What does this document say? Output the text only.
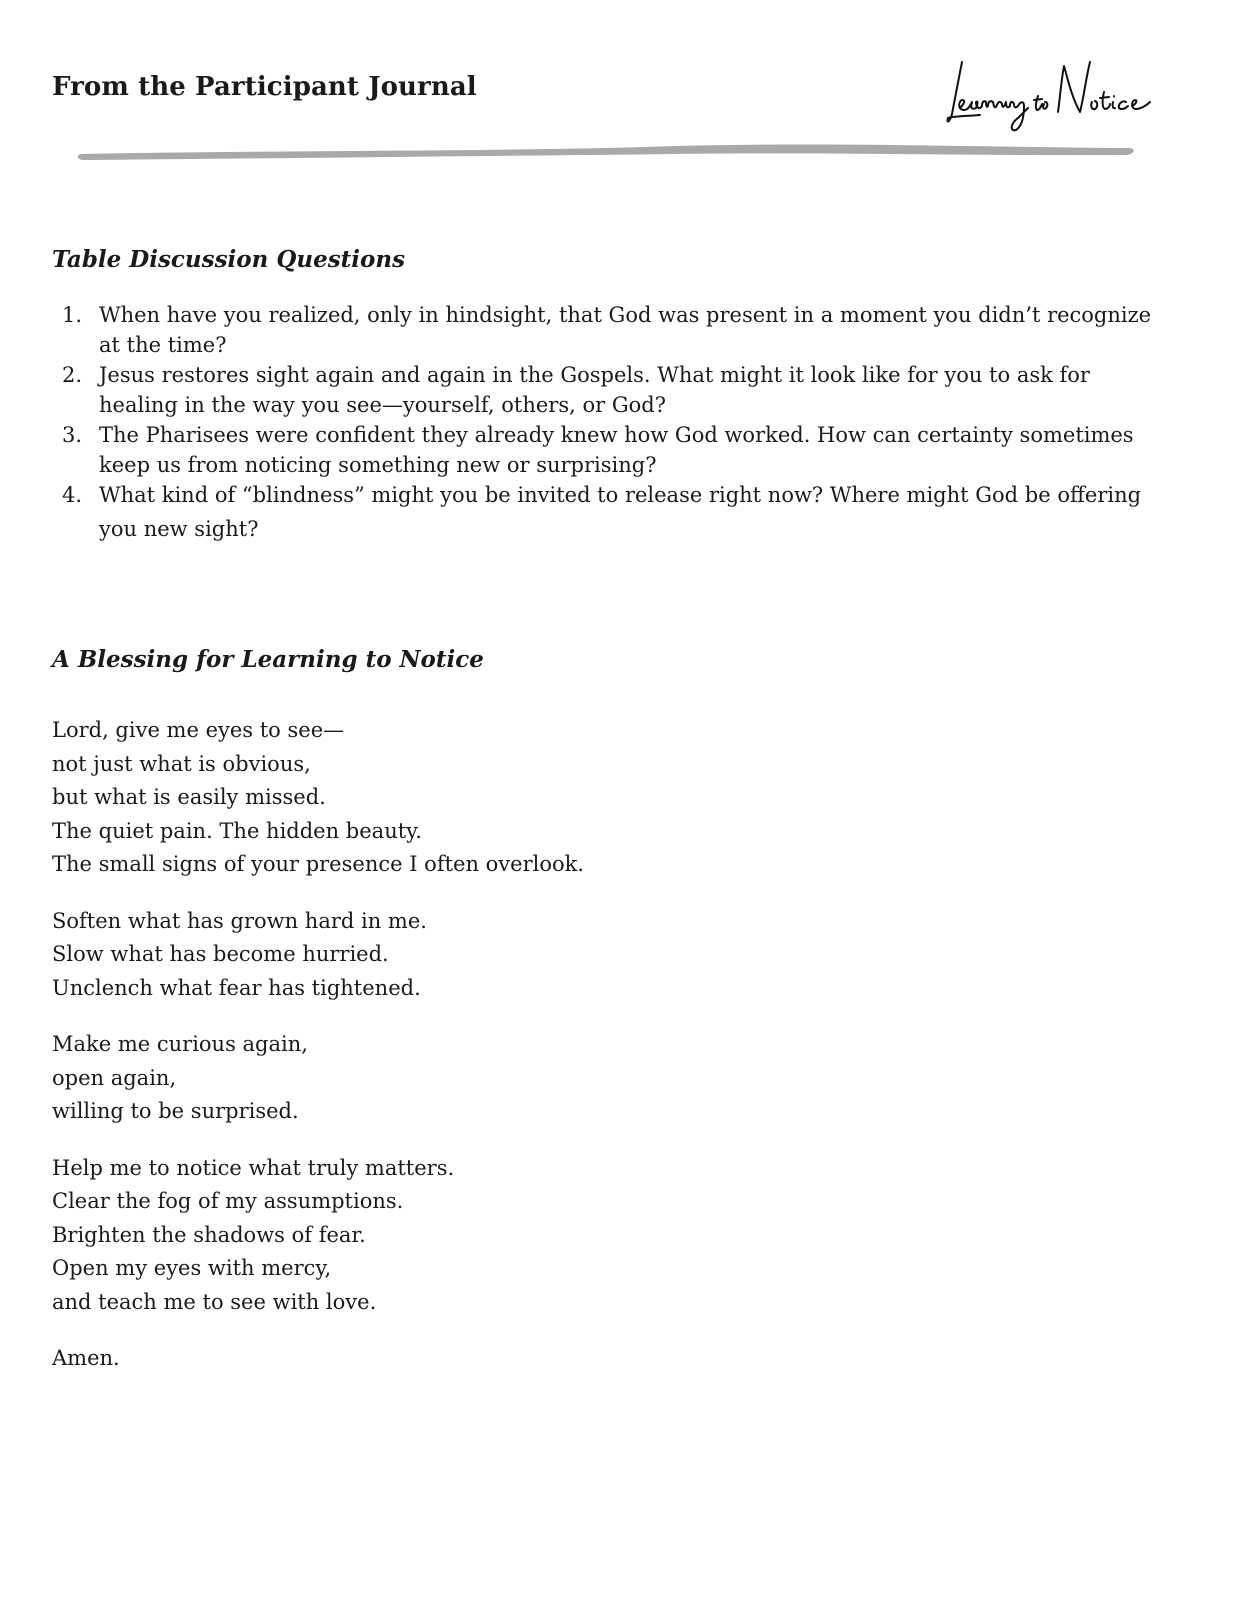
From the Participant Journal
Table Discussion Questions
1. When have you realized, only in hindsight, that God was present in a moment you didn’t recognize at the time?
2. Jesus restores sight again and again in the Gospels. What might it look like for you to ask for healing in the way you see—yourself, others, or God?
3. The Pharisees were confident they already knew how God worked. How can certainty sometimes keep us from noticing something new or surprising?
4. What kind of “blindness” might you be invited to release right now? Where might God be offering you new sight?
A Blessing for Learning to Notice
Lord, give me eyes to see—
not just what is obvious,
but what is easily missed.
The quiet pain. The hidden beauty.
The small signs of your presence I often overlook.
Soften what has grown hard in me.
Slow what has become hurried.
Unclench what fear has tightened.
Make me curious again,
open again,
willing to be surprised.
Help me to notice what truly matters.
Clear the fog of my assumptions.
Brighten the shadows of fear.
Open my eyes with mercy,
and teach me to see with love.
Amen.
